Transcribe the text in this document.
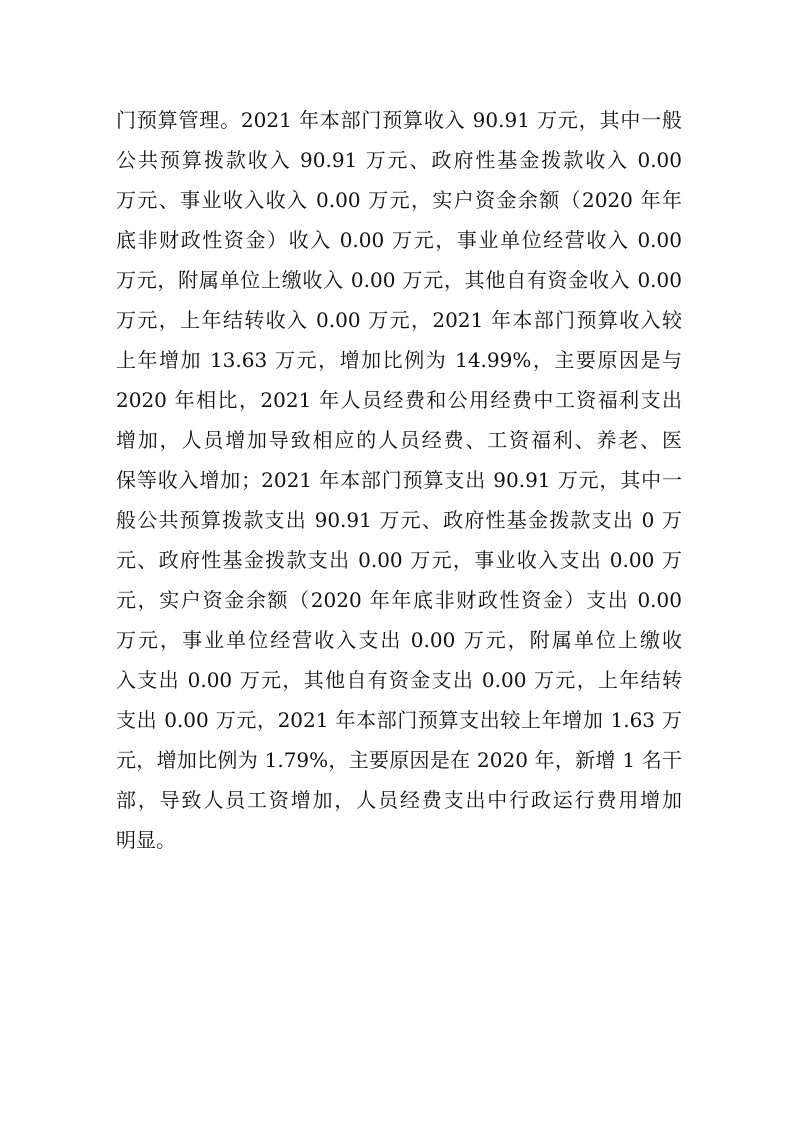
门预算管理。2021 年本部门预算收入 90.91 万元，其中一般
公共预算拨款收入 90.91 万元、政府性基金拨款收入 0.00
万元、事业收入收入 0.00 万元，实户资金余额（2020 年年
底非财政性资金）收入 0.00 万元，事业单位经营收入 0.00
万元，附属单位上缴收入 0.00 万元，其他自有资金收入 0.00
万元，上年结转收入 0.00 万元，2021 年本部门预算收入较
上年增加 13.63 万元，增加比例为 14.99%，主要原因是与
2020 年相比，2021 年人员经费和公用经费中工资福利支出
增加，人员增加导致相应的人员经费、工资福利、养老、医
保等收入增加；2021 年本部门预算支出 90.91 万元，其中一
般公共预算拨款支出 90.91 万元、政府性基金拨款支出 0 万
元、政府性基金拨款支出 0.00 万元，事业收入支出 0.00 万
元，实户资金余额（2020 年年底非财政性资金）支出 0.00
万元，事业单位经营收入支出 0.00 万元，附属单位上缴收
入支出 0.00 万元，其他自有资金支出 0.00 万元，上年结转
支出 0.00 万元，2021 年本部门预算支出较上年增加 1.63 万
元，增加比例为 1.79%，主要原因是在 2020 年，新增 1 名干
部，导致人员工资增加，人员经费支出中行政运行费用增加
明显。
